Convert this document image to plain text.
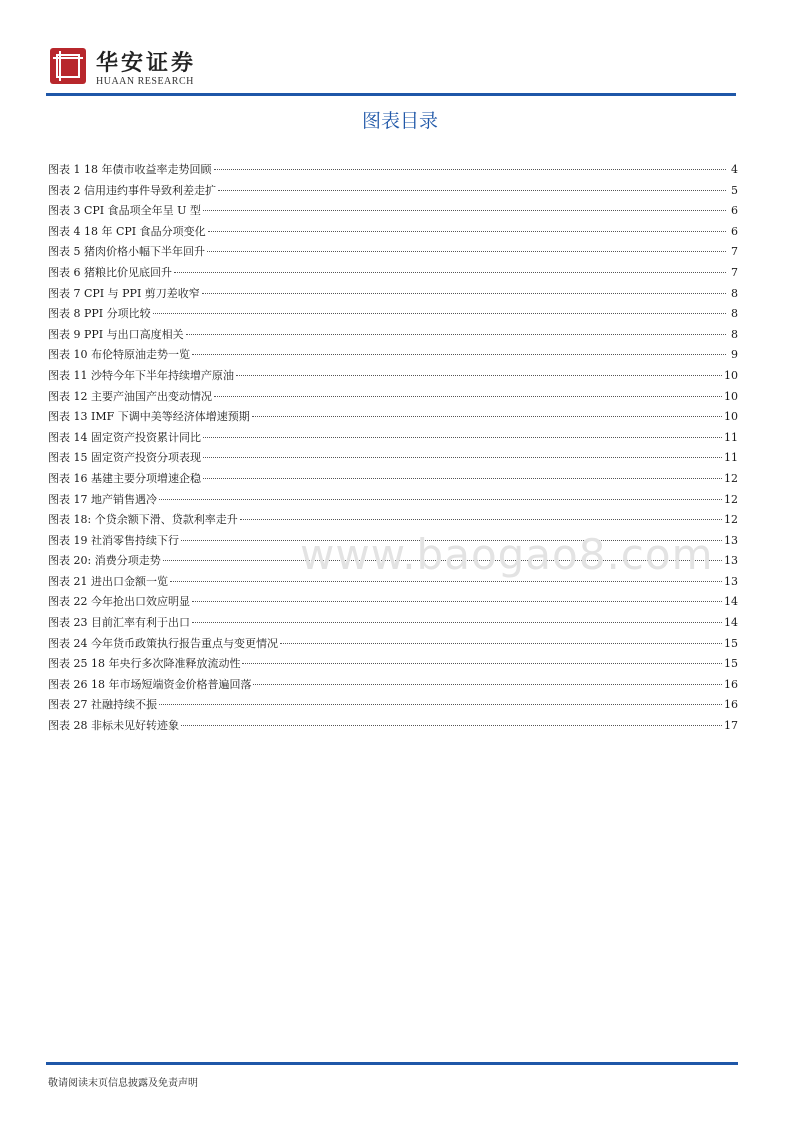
华安证券
HUAAN RESEARCH
图表目录
图表 1 18 年债市收益率走势回顾	4
图表 2 信用违约事件导致利差走扩	5
图表 3 CPI 食品项全年呈 U 型	6
图表 4 18 年 CPI 食品分项变化	6
图表 5 猪肉价格小幅下半年回升	7
图表 6 猪粮比价见底回升	7
图表 7 CPI 与 PPI 剪刀差收窄	8
图表 8 PPI 分项比较	8
图表 9 PPI 与出口高度相关	8
图表 10 布伦特原油走势一览	9
图表 11 沙特今年下半年持续增产原油	10
图表 12 主要产油国产出变动情况	10
图表 13 IMF 下调中美等经济体增速预期	10
图表 14 固定资产投资累计同比	11
图表 15 固定资产投资分项表现	11
图表 16 基建主要分项增速企稳	12
图表 17 地产销售遇冷	12
图表 18: 个贷余额下滑、贷款利率走升	12
图表 19 社消零售持续下行	13
图表 20: 消费分项走势	13
图表 21 进出口金额一览	13
图表 22 今年抢出口效应明显	14
图表 23 目前汇率有利于出口	14
图表 24 今年货币政策执行报告重点与变更情况	15
图表 25 18 年央行多次降准释放流动性	15
图表 26 18 年市场短端资金价格普遍回落	16
图表 27 社融持续不振	16
图表 28 非标未见好转迹象	17
www.baogao8.com
敬请阅读末页信息披露及免责声明
